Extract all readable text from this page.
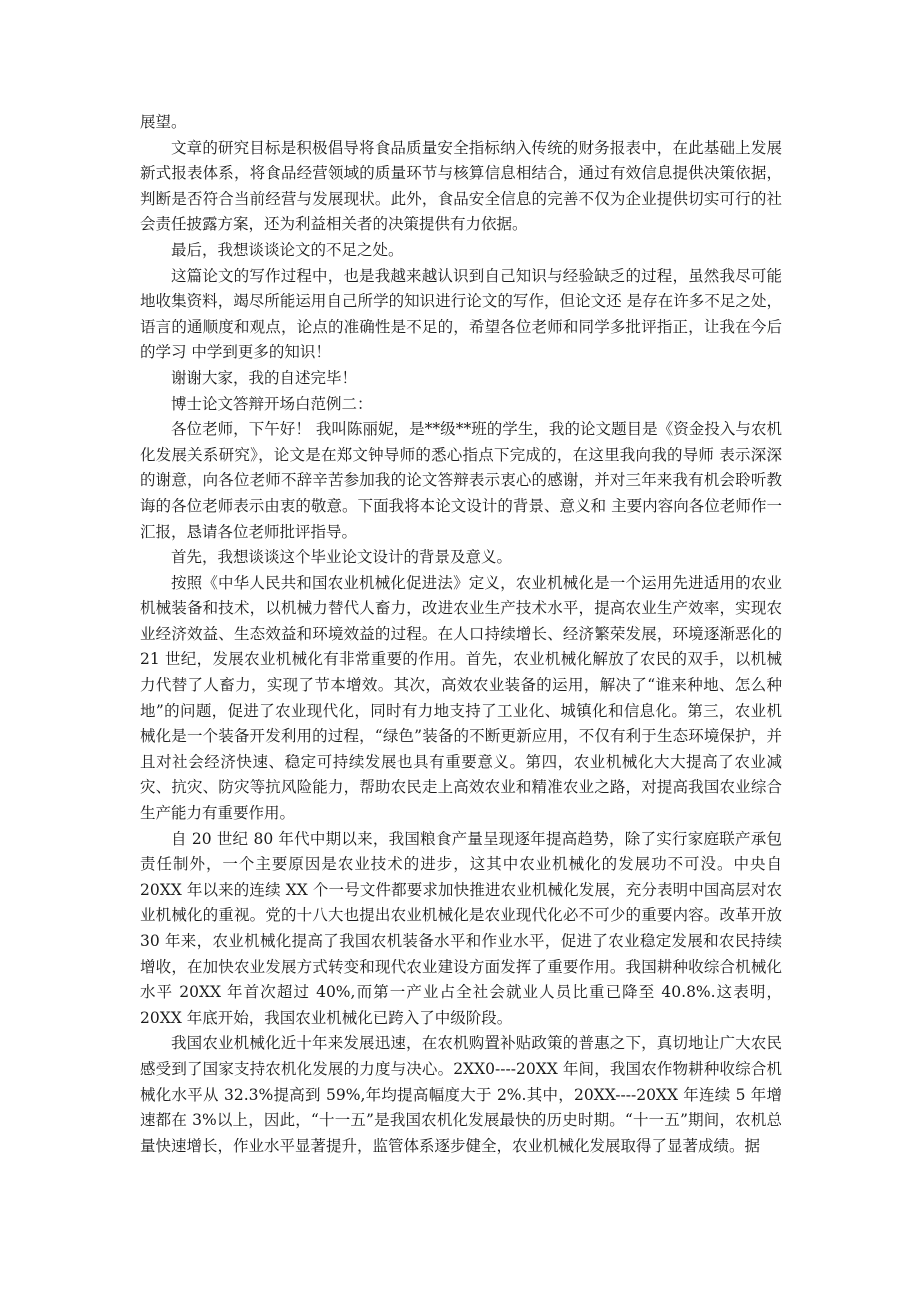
展望。

文章的研究目标是积极倡导将食品质量安全指标纳入传统的财务报表中，在此基础上发展新式报表体系，将食品经营领域的质量环节与核算信息相结合，通过有效信息提供决策依据，判断是否符合当前经营与发展现状。此外，食品安全信息的完善不仅为企业提供切实可行的社会责任披露方案，还为利益相关者的决策提供有力依据。

最后，我想谈谈论文的不足之处。

这篇论文的写作过程中，也是我越来越认识到自己知识与经验缺乏的过程，虽然我尽可能地收集资料，竭尽所能运用自己所学的知识进行论文的写作，但论文还 是存在许多不足之处，语言的通顺度和观点，论点的准确性是不足的，希望各位老师和同学多批评指正，让我在今后的学习 中学到更多的知识！

谢谢大家，我的自述完毕！

博士论文答辩开场白范例二：

各位老师，下午好！ 我叫陈丽妮，是**级**班的学生，我的论文题目是《资金投入与农机化发展关系研究》，论文是在郑文钟导师的悉心指点下完成的，在这里我向我的导师 表示深深的谢意，向各位老师不辞辛苦参加我的论文答辩表示衷心的感谢，并对三年来我有机会聆听教诲的各位老师表示由衷的敬意。下面我将本论文设计的背景、意义和 主要内容向各位老师作一汇报，恳请各位老师批评指导。

首先，我想谈谈这个毕业论文设计的背景及意义。

按照《中华人民共和国农业机械化促进法》定义，农业机械化是一个运用先进适用的农业机械装备和技术，以机械力替代人畜力，改进农业生产技术水平，提高农业生产效率，实现农业经济效益、生态效益和环境效益的过程。在人口持续增长、经济繁荣发展，环境逐渐恶化的 21 世纪，发展农业机械化有非常重要的作用。首先，农业机械化解放了农民的双手，以机械力代替了人畜力，实现了节本增效。其次，高效农业装备的运用，解决了“谁来种地、怎么种地”的问题，促进了农业现代化，同时有力地支持了工业化、城镇化和信息化。第三，农业机械化是一个装备开发利用的过程，“绿色”装备的不断更新应用，不仅有利于生态环境保护，并且对社会经济快速、稳定可持续发展也具有重要意义。第四，农业机械化大大提高了农业减灾、抗灾、防灾等抗风险能力，帮助农民走上高效农业和精准农业之路，对提高我国农业综合生产能力有重要作用。

自 20 世纪 80 年代中期以来，我国粮食产量呈现逐年提高趋势，除了实行家庭联产承包责任制外，一个主要原因是农业技术的进步，这其中农业机械化的发展功不可没。中央自 20XX 年以来的连续 XX 个一号文件都要求加快推进农业机械化发展，充分表明中国高层对农业机械化的重视。党的十八大也提出农业机械化是农业现代化必不可少的重要内容。改革开放 30 年来，农业机械化提高了我国农机装备水平和作业水平，促进了农业稳定发展和农民持续增收，在加快农业发展方式转变和现代农业建设方面发挥了重要作用。我国耕种收综合机械化水平 20XX 年首次超过 40%,而第一产业占全社会就业人员比重已降至 40.8%.这表明，20XX 年底开始，我国农业机械化已跨入了中级阶段。

我国农业机械化近十年来发展迅速，在农机购置补贴政策的普惠之下，真切地让广大农民感受到了国家支持农机化发展的力度与决心。2XX0----20XX 年间，我国农作物耕种收综合机械化水平从 32.3%提高到 59%,年均提高幅度大于 2%.其中，20XX----20XX 年连续 5 年增速都在 3%以上，因此，“十一五”是我国农机化发展最快的历史时期。“十一五”期间，农机总量快速增长，作业水平显著提升，监管体系逐步健全，农业机械化发展取得了显著成绩。据
